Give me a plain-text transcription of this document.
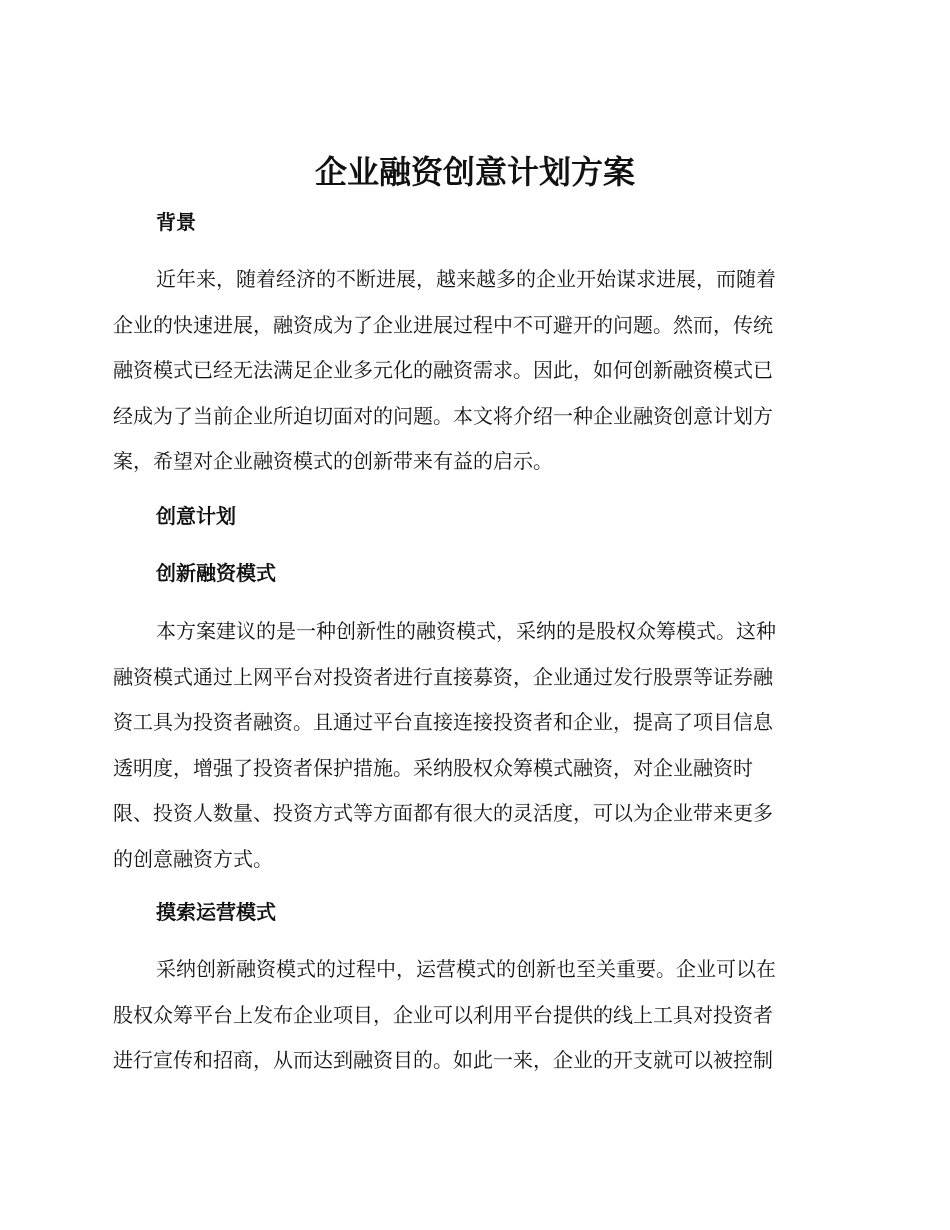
企业融资创意计划方案
背景
近年来，随着经济的不断进展，越来越多的企业开始谋求进展，而随着
企业的快速进展，融资成为了企业进展过程中不可避开的问题。然而，传统
融资模式已经无法满足企业多元化的融资需求。因此，如何创新融资模式已
经成为了当前企业所迫切面对的问题。本文将介绍一种企业融资创意计划方
案，希望对企业融资模式的创新带来有益的启示。
创意计划
创新融资模式
本方案建议的是一种创新性的融资模式，采纳的是股权众筹模式。这种
融资模式通过上网平台对投资者进行直接募资，企业通过发行股票等证券融
资工具为投资者融资。且通过平台直接连接投资者和企业，提高了项目信息
透明度，增强了投资者保护措施。采纳股权众筹模式融资，对企业融资时
限、投资人数量、投资方式等方面都有很大的灵活度，可以为企业带来更多
的创意融资方式。
摸索运营模式
采纳创新融资模式的过程中，运营模式的创新也至关重要。企业可以在
股权众筹平台上发布企业项目，企业可以利用平台提供的线上工具对投资者
进行宣传和招商，从而达到融资目的。如此一来，企业的开支就可以被控制
